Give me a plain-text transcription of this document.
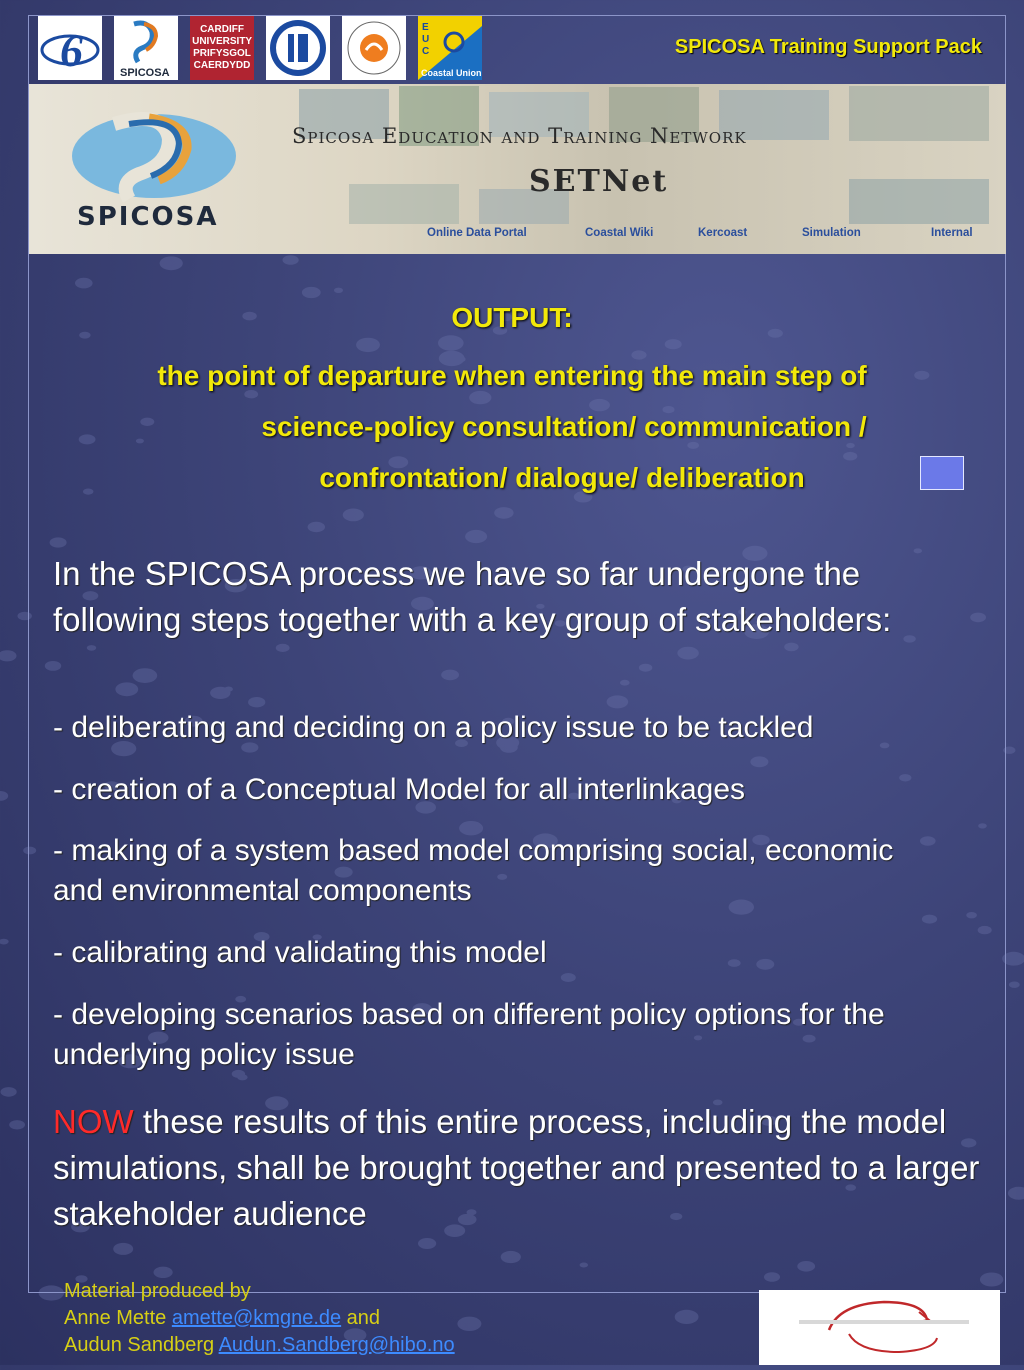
6	SPICOSA
CARDIFF UNIVERSITY PRIFYSGOL CAERDYDD
E
U
C
Coastal Union
SPICOSA Training Support Pack
SPICOSA
Spicosa Education and Training Network
SETNet
Online Data Portal	Coastal Wiki	Kercoast	Simulation	Internal
OUTPUT:
the point of departure when entering the main step of
science-policy consultation/ communication /
confrontation/ dialogue/ deliberation
In the SPICOSA process we have so far undergone the following steps together with a key group of stakeholders:
- deliberating and deciding on a policy issue to be tackled
- creation of a Conceptual Model for all interlinkages
- making of a system based model comprising social, economic and environmental components
- calibrating and validating this model
- developing scenarios based on different policy options for the underlying policy issue
NOW these results of this entire process, including the model simulations, shall be brought together and presented to a larger stakeholder audience
Material produced by
Anne Mette amette@kmgne.de and
Audun Sandberg Audun.Sandberg@hibo.no
